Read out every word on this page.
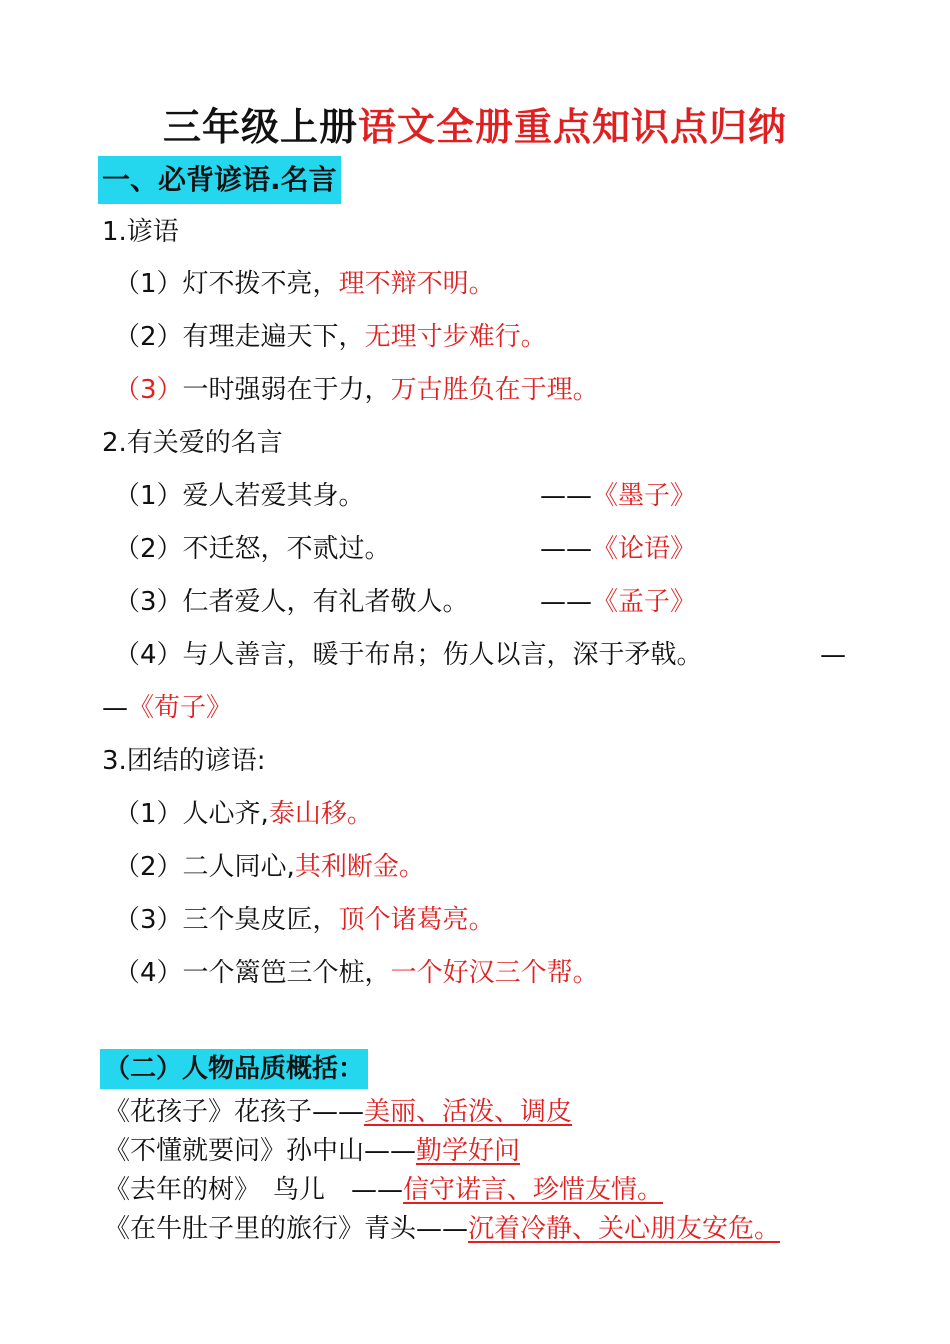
三年级上册语文全册重点知识点归纳
一、必背谚语.名言
1.谚语
（1）灯不拨不亮，理不辩不明。
（2）有理走遍天下，无理寸步难行。
（3）一时强弱在于力，万古胜负在于理。
2.有关爱的名言
（1）爱人若爱其身。	——《墨子》
（2）不迁怒，不贰过。	——《论语》
（3）仁者爱人，有礼者敬人。	——《孟子》
（4）与人善言，暖于布帛；伤人以言，深于矛戟。	—
—《荀子》
3.团结的谚语:
（1）人心齐,泰山移。
（2）二人同心,其利断金。
（3）三个臭皮匠，顶个诸葛亮。
（4）一个篱笆三个桩，一个好汉三个帮。
（二）人物品质概括：
《花孩子》花孩子——美丽、活泼、调皮
《不懂就要问》孙中山——勤学好问
《去年的树》　鸟儿　——信守诺言、珍惜友情。
《在牛肚子里的旅行》青头——沉着冷静、关心朋友安危。
